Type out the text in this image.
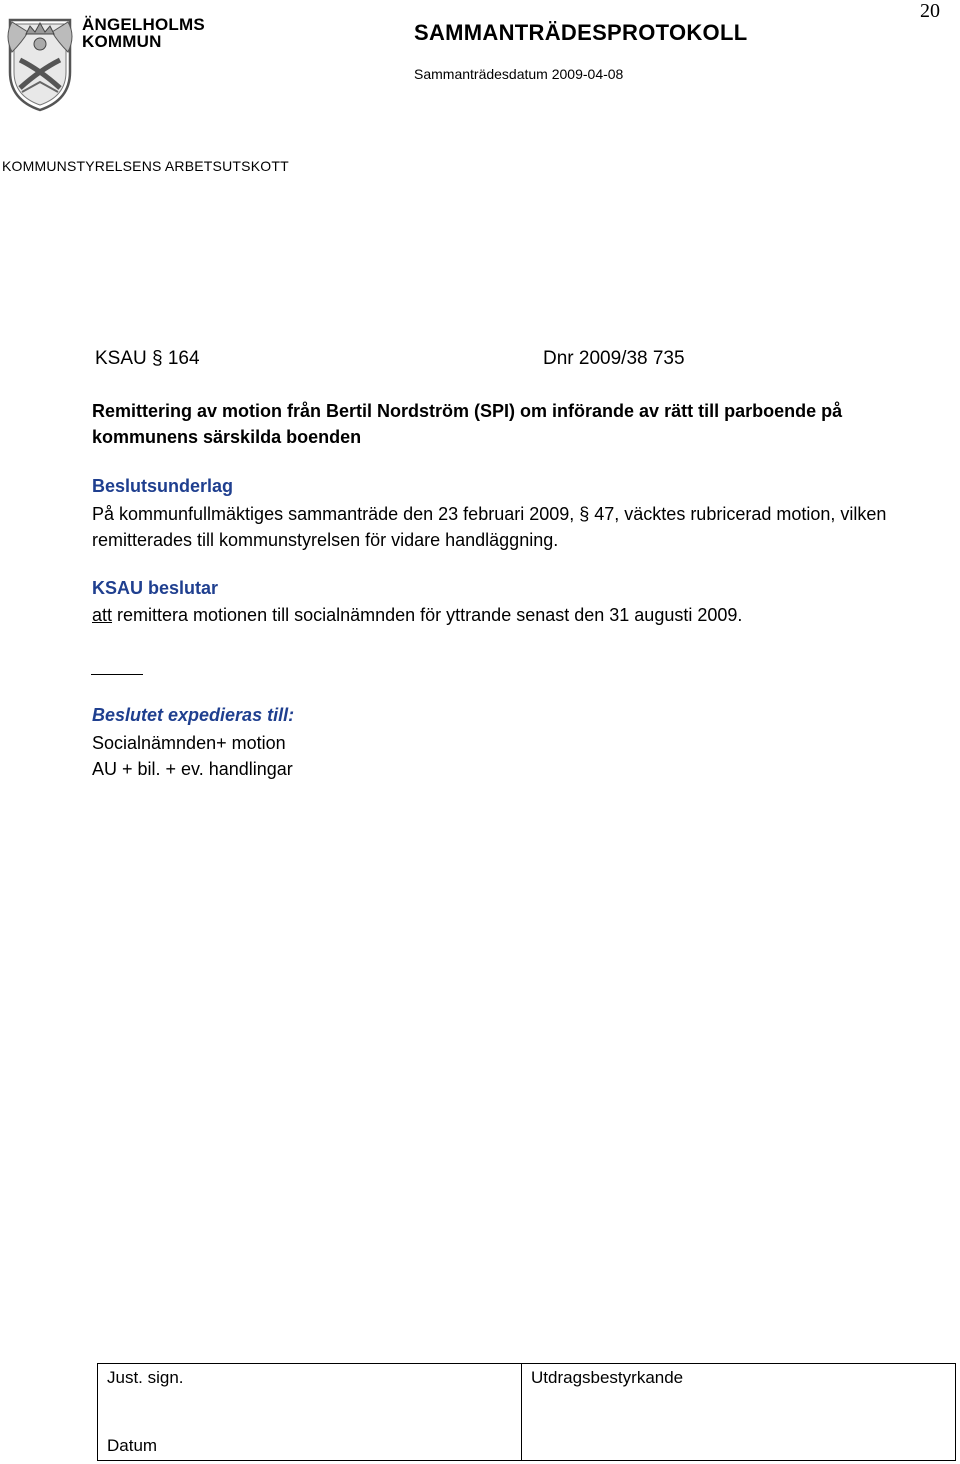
ÄNGELHOLMS
KOMMUN	SAMMANTRÄDESPROTOKOLL
Sammanträdesdatum 2009-04-08
20
KOMMUNSTYRELSENS ARBETSUTSKOTT
KSAU § 164	Dnr 2009/38 735
Remittering av motion från Bertil Nordström (SPI) om införande av rätt till parboende på kommunens särskilda boenden
Beslutsunderlag
På kommunfullmäktiges sammanträde den 23 februari 2009, § 47, väcktes rubricerad motion, vilken remitterades till kommunstyrelsen för vidare handläggning.
KSAU beslutar
att remittera motionen till socialnämnden för yttrande senast den 31 augusti 2009.
Beslutet expedieras till:
Socialnämnden+ motion
AU + bil. + ev. handlingar
Just. sign.
Datum
Utdragsbestyrkande
